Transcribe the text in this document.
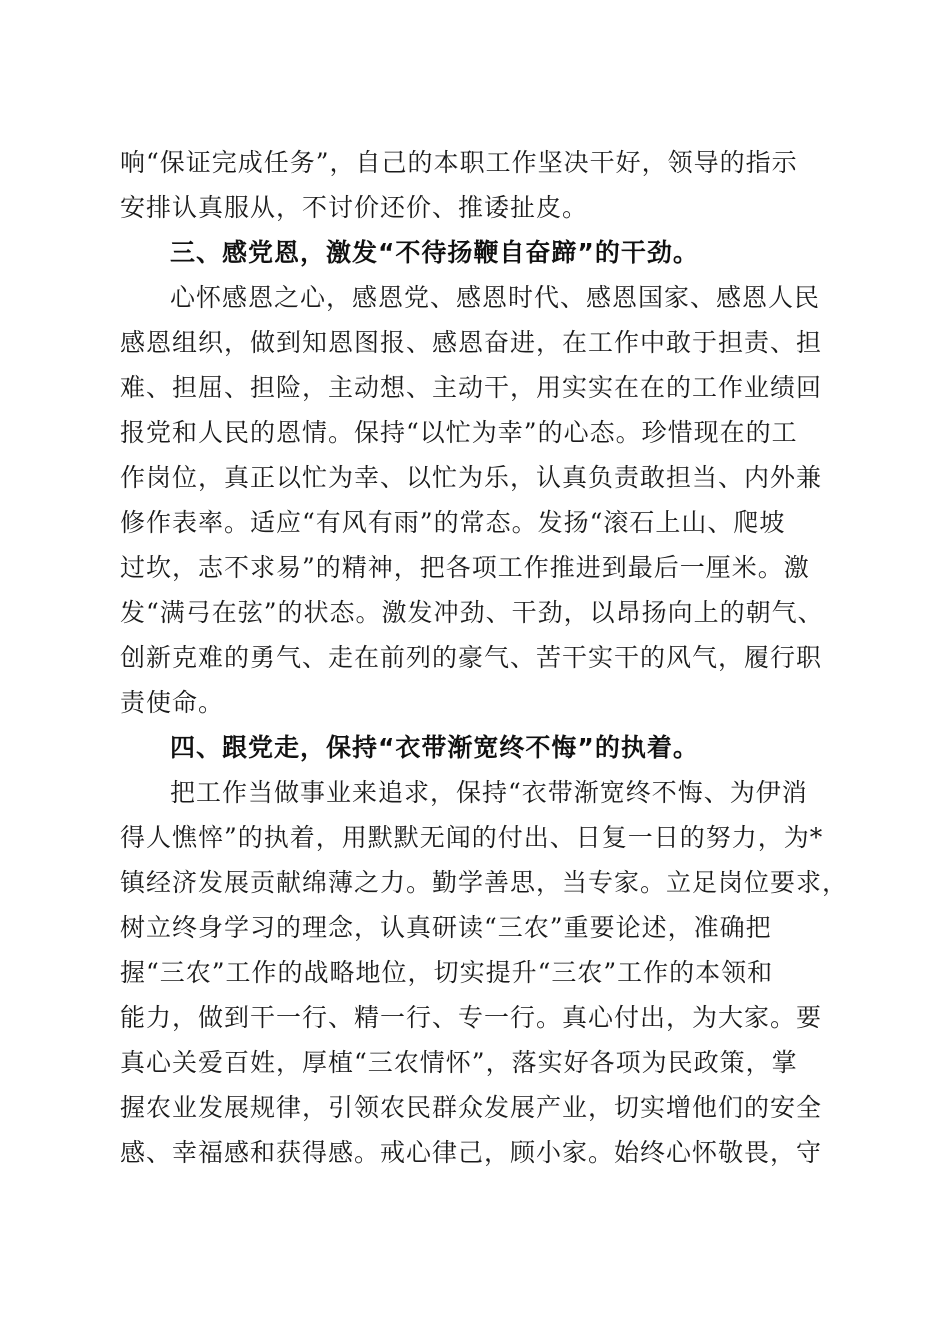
响“保证完成任务”，自己的本职工作坚决干好，领导的指示
安排认真服从，不讨价还价、推诿扯皮。
三、感党恩，激发“不待扬鞭自奋蹄”的干劲。
心怀感恩之心，感恩党、感恩时代、感恩国家、感恩人民
感恩组织，做到知恩图报、感恩奋进，在工作中敢于担责、担
难、担屈、担险，主动想、主动干，用实实在在的工作业绩回
报党和人民的恩情。保持“以忙为幸”的心态。珍惜现在的工
作岗位，真正以忙为幸、以忙为乐，认真负责敢担当、内外兼
修作表率。适应“有风有雨”的常态。发扬“滚石上山、爬坡
过坎，志不求易”的精神，把各项工作推进到最后一厘米。激
发“满弓在弦”的状态。激发冲劲、干劲，以昂扬向上的朝气、
创新克难的勇气、走在前列的豪气、苦干实干的风气，履行职
责使命。
四、跟党走，保持“衣带渐宽终不悔”的执着。
把工作当做事业来追求，保持“衣带渐宽终不悔、为伊消
得人憔悴”的执着，用默默无闻的付出、日复一日的努力，为*
镇经济发展贡献绵薄之力。勤学善思，当专家。立足岗位要求，
树立终身学习的理念，认真研读“三农”重要论述，准确把
握“三农”工作的战略地位，切实提升“三农”工作的本领和
能力，做到干一行、精一行、专一行。真心付出，为大家。要
真心关爱百姓，厚植“三农情怀”，落实好各项为民政策，掌
握农业发展规律，引领农民群众发展产业，切实增他们的安全
感、幸福感和获得感。戒心律己，顾小家。始终心怀敬畏，守
